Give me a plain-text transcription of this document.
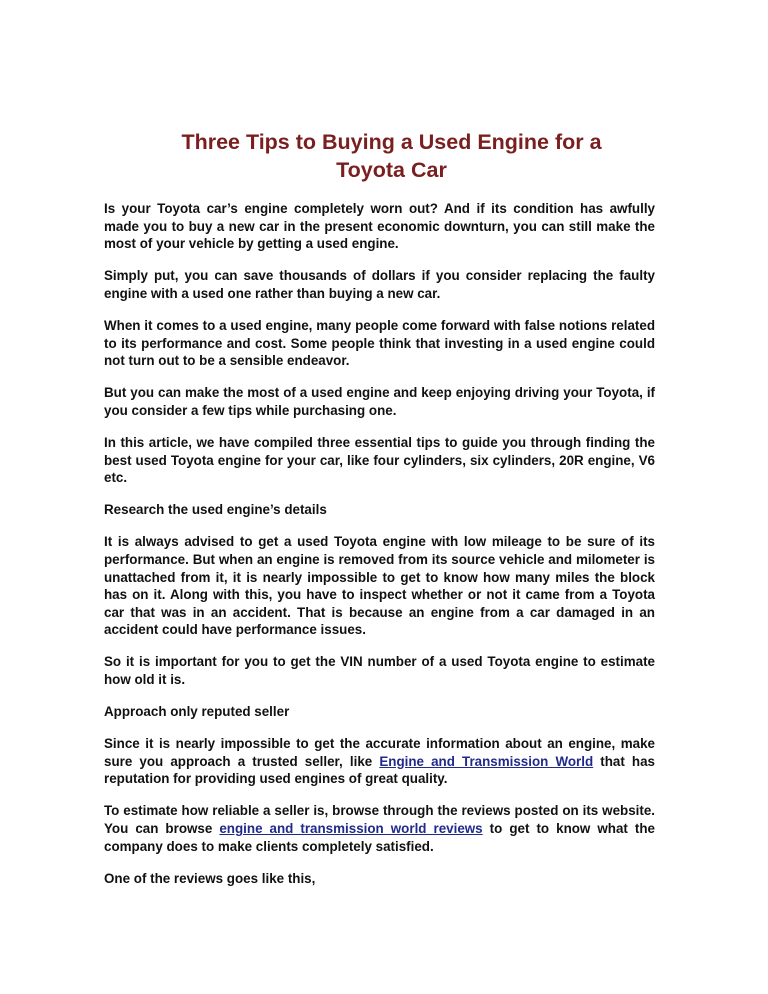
Three Tips to Buying a Used Engine for a
Toyota Car

Is your Toyota car’s engine completely worn out? And if its condition has awfully made you to buy a new car in the present economic downturn, you can still make the most of your vehicle by getting a used engine.

Simply put, you can save thousands of dollars if you consider replacing the faulty engine with a used one rather than buying a new car.

When it comes to a used engine, many people come forward with false notions related to its performance and cost. Some people think that investing in a used engine could not turn out to be a sensible endeavor.

But you can make the most of a used engine and keep enjoying driving your Toyota, if you consider a few tips while purchasing one.

In this article, we have compiled three essential tips to guide you through finding the best used Toyota engine for your car, like four cylinders, six cylinders, 20R engine, V6 etc.

Research the used engine’s details

It is always advised to get a used Toyota engine with low mileage to be sure of its performance. But when an engine is removed from its source vehicle and milometer is unattached from it, it is nearly impossible to get to know how many miles the block has on it. Along with this, you have to inspect whether or not it came from a Toyota car that was in an accident. That is because an engine from a car damaged in an accident could have performance issues.

So it is important for you to get the VIN number of a used Toyota engine to estimate how old it is.

Approach only reputed seller

Since it is nearly impossible to get the accurate information about an engine, make sure you approach a trusted seller, like Engine and Transmission World that has reputation for providing used engines of great quality.

To estimate how reliable a seller is, browse through the reviews posted on its website. You can browse engine and transmission world reviews to get to know what the company does to make clients completely satisfied.

One of the reviews goes like this,
